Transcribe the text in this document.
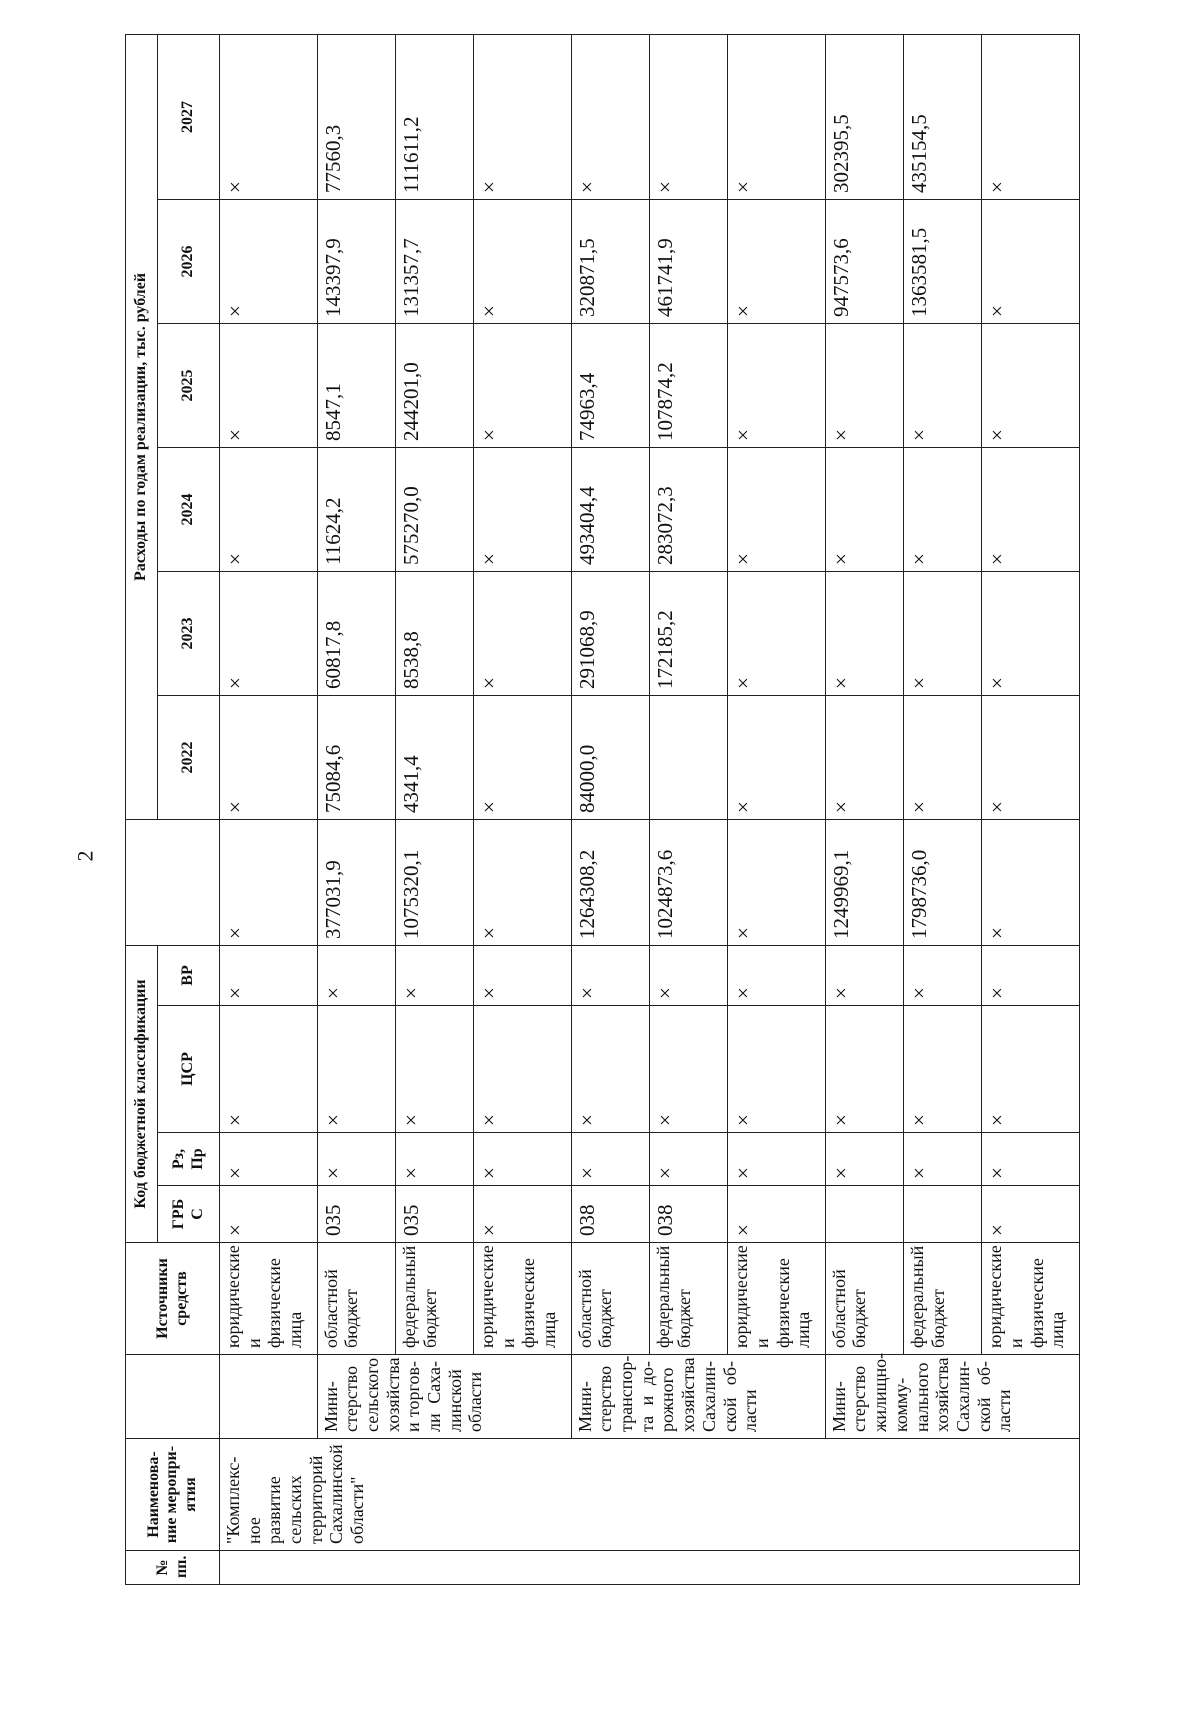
2
№ пп.	Наименова-ние меропри-ятия		Источники средств	Код бюджетной классификации					Расходы по годам реализации, тыс. рублей					
				ГРБ С	Рз, Пр	ЦСР	ВР		2022	2023	2024	2025	2026	2027
	"Комплекс-ное развитие сельских территорий Сахалинской области"		юридические и физические лица	×	×	×	×	×	×	×	×	×	×	×
		Мини-стерство сельского хозяйства и торгов-ли Саха-линской области	областной бюджет	035	×	×	×	377031,9	75084,6	60817,8	11624,2	8547,1	143397,9	77560,3
			федеральный бюджет	035	×	×	×	1075320,1	4341,4	8538,8	575270,0	244201,0	131357,7	111611,2
			юридические и физические лица	×	×	×	×	×	×	×	×	×	×	×
		Мини-стерство транспор-та и до-рожного хозяйства Сахалин-ской об-ласти	областной бюджет	038	×	×	×	1264308,2	84000,0	291068,9	493404,4	74963,4	320871,5	×
			федеральный бюджет	038	×	×	×	1024873,6		172185,2	283072,3	107874,2	461741,9	×
			юридические и физические лица	×	×	×	×	×	×	×	×	×	×	×
		Мини-стерство жилищно-комму-нального хозяйства Сахалин-ской об-ласти	областной бюджет		×	×	×	1249969,1	×	×	×	×	947573,6	302395,5
			федеральный бюджет		×	×	×	1798736,0	×	×	×	×	1363581,5	435154,5
			юридические и физические лица	×	×	×	×	×	×	×	×	×	×	×
